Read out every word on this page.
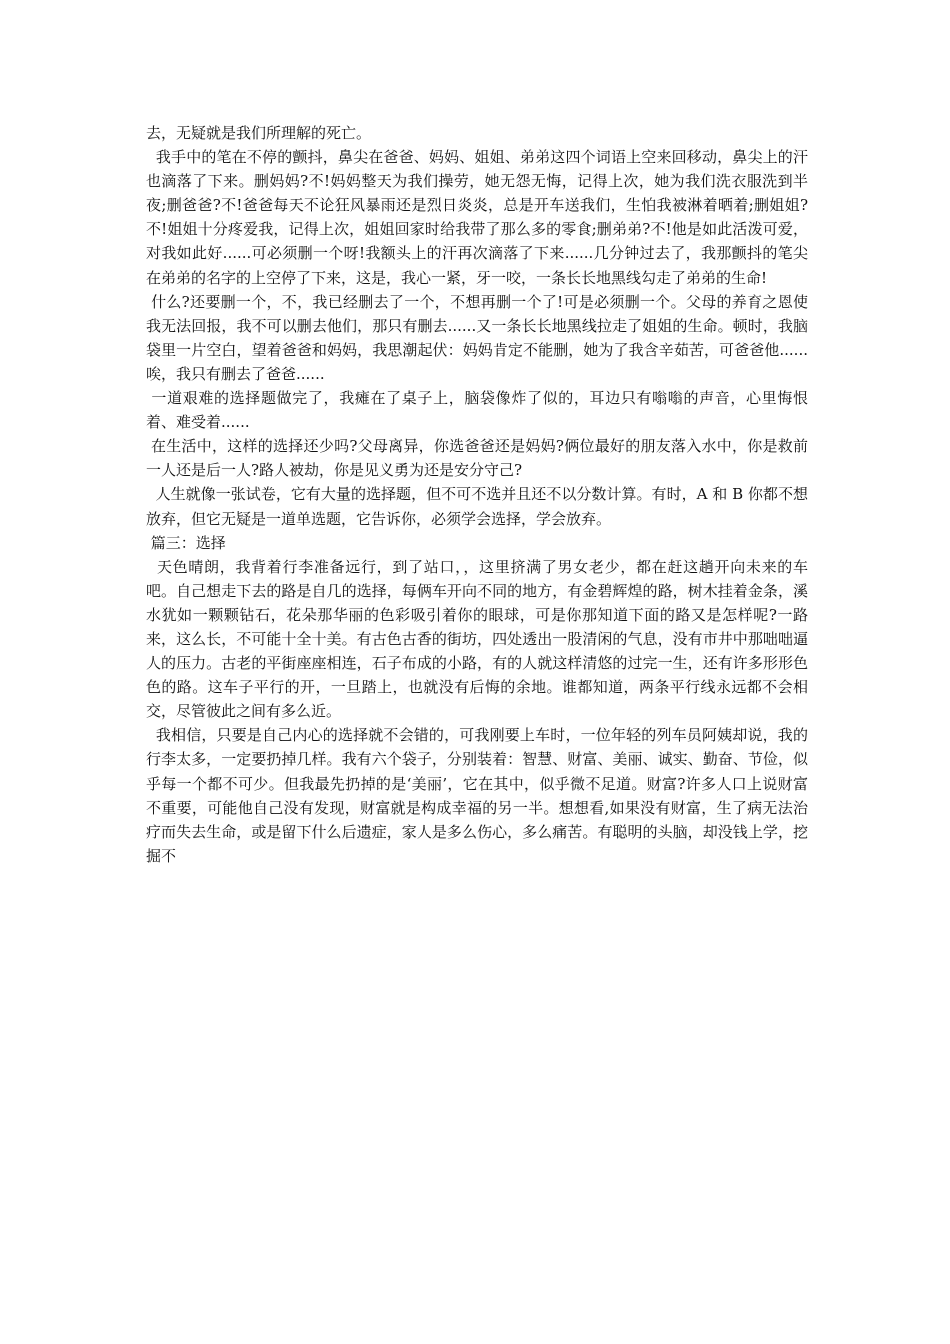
去，无疑就是我们所理解的死亡。

我手中的笔在不停的颤抖，鼻尖在爸爸、妈妈、姐姐、弟弟这四个词语上空来回移动，鼻尖上的汗也滴落了下来。删妈妈?不!妈妈整天为我们操劳，她无怨无悔，记得上次，她为我们洗衣服洗到半夜;删爸爸?不!爸爸每天不论狂风暴雨还是烈日炎炎，总是开车送我们，生怕我被淋着晒着;删姐姐?不!姐姐十分疼爱我，记得上次，姐姐回家时给我带了那么多的零食;删弟弟?不!他是如此活泼可爱，对我如此好......可必须删一个呀!我额头上的汗再次滴落了下来......几分钟过去了，我那颤抖的笔尖在弟弟的名字的上空停了下来，这是，我心一紧，牙一咬，一条长长地黑线勾走了弟弟的生命!

什么?还要删一个，不，我已经删去了一个，不想再删一个了!可是必须删一个。父母的养育之恩使我无法回报，我不可以删去他们，那只有删去......又一条长长地黑线拉走了姐姐的生命。顿时，我脑袋里一片空白，望着爸爸和妈妈，我思潮起伏：妈妈肯定不能删，她为了我含辛茹苦，可爸爸他......唉，我只有删去了爸爸......

一道艰难的选择题做完了，我瘫在了桌子上，脑袋像炸了似的，耳边只有嗡嗡的声音，心里悔恨着、难受着......

在生活中，这样的选择还少吗?父母离异，你选爸爸还是妈妈?俩位最好的朋友落入水中，你是救前一人还是后一人?路人被劫，你是见义勇为还是安分守己?

人生就像一张试卷，它有大量的选择题，但不可不选并且还不以分数计算。有时，A 和 B 你都不想放弃，但它无疑是一道单选题，它告诉你，必须学会选择，学会放弃。

篇三：选择

天色晴朗，我背着行李准备远行，到了站口，，这里挤满了男女老少，都在赶这趟开向未来的车吧。自己想走下去的路是自几的选择，每俩车开向不同的地方，有金碧辉煌的路，树木挂着金条，溪水犹如一颗颗钻石，花朵那华丽的色彩吸引着你的眼球，可是你那知道下面的路又是怎样呢?一路来，这么长，不可能十全十美。有古色古香的街坊，四处透出一股清闲的气息，没有市井中那咄咄逼人的压力。古老的平街座座相连，石子布成的小路，有的人就这样清悠的过完一生，还有许多形形色色的路。这车子平行的开，一旦踏上，也就没有后悔的余地。谁都知道，两条平行线永远都不会相交，尽管彼此之间有多么近。

我相信，只要是自己内心的选择就不会错的，可我刚要上车时，一位年轻的列车员阿姨却说，我的行李太多，一定要扔掉几样。我有六个袋子，分别装着：智慧、财富、美丽、诚实、勤奋、节俭，似乎每一个都不可少。但我最先扔掉的是‘美丽’，它在其中，似乎微不足道。财富?许多人口上说财富不重要，可能他自己没有发现，财富就是构成幸福的另一半。想想看,如果没有财富，生了病无法治疗而失去生命，或是留下什么后遗症，家人是多么伤心，多么痛苦。有聪明的头脑，却没钱上学，挖掘不
